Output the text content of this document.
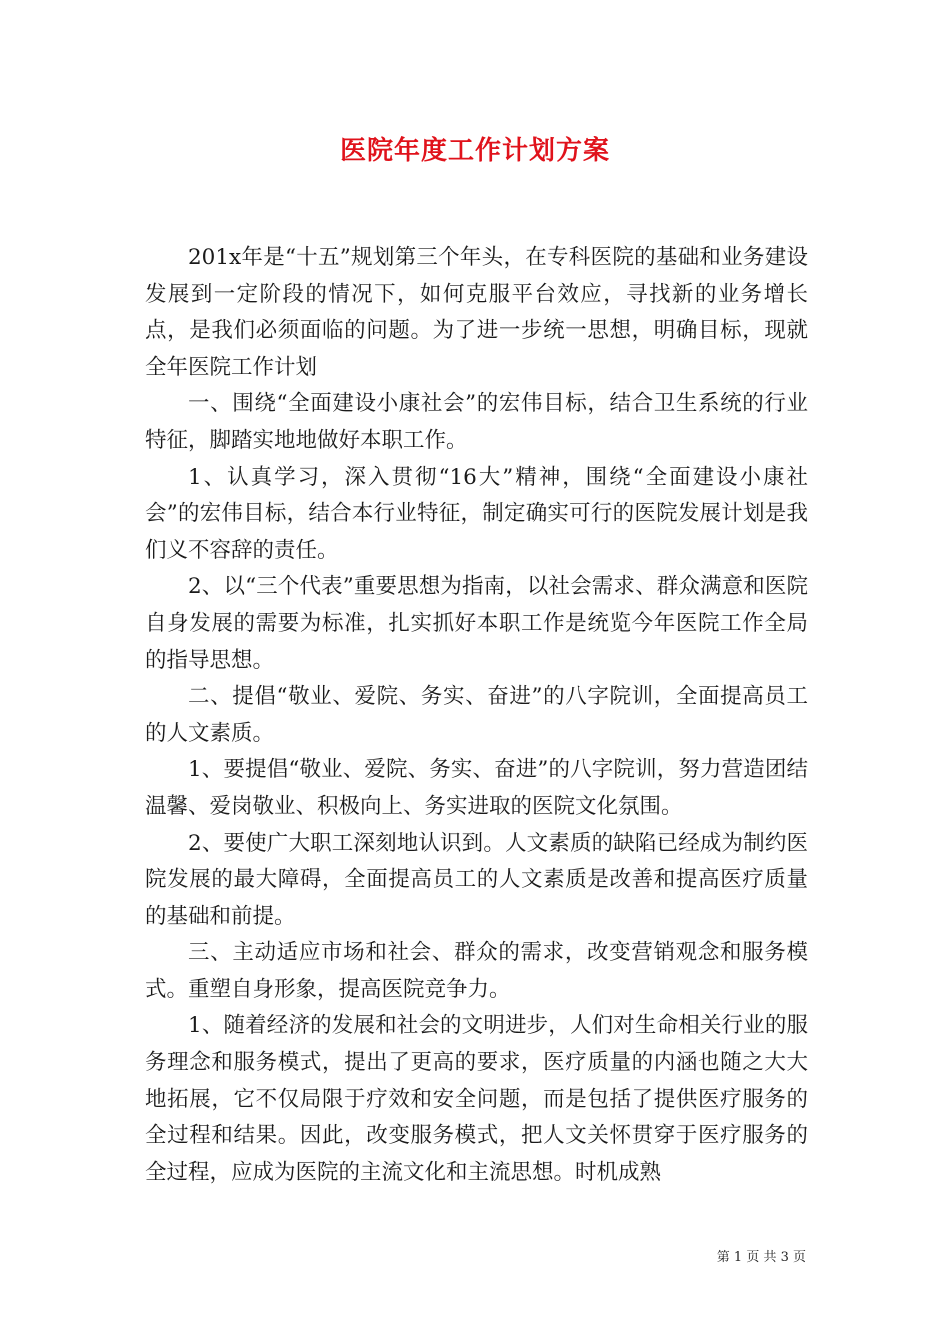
医院年度工作计划方案

201x年是“十五”规划第三个年头，在专科医院的基础和业务建设发展到一定阶段的情况下，如何克服平台效应，寻找新的业务增长点，是我们必须面临的问题。为了进一步统一思想，明确目标，现就全年医院工作计划

一、围绕“全面建设小康社会”的宏伟目标，结合卫生系统的行业特征，脚踏实地地做好本职工作。

1、认真学习，深入贯彻“16大”精神，围绕“全面建设小康社会”的宏伟目标，结合本行业特征，制定确实可行的医院发展计划是我们义不容辞的责任。

2、以“三个代表”重要思想为指南，以社会需求、群众满意和医院自身发展的需要为标准，扎实抓好本职工作是统览今年医院工作全局的指导思想。

二、提倡“敬业、爱院、务实、奋进”的八字院训，全面提高员工的人文素质。

1、要提倡“敬业、爱院、务实、奋进”的八字院训，努力营造团结温馨、爱岗敬业、积极向上、务实进取的医院文化氛围。

2、要使广大职工深刻地认识到。人文素质的缺陷已经成为制约医院发展的最大障碍，全面提高员工的人文素质是改善和提高医疗质量的基础和前提。

三、主动适应市场和社会、群众的需求，改变营销观念和服务模式。重塑自身形象，提高医院竞争力。

1、随着经济的发展和社会的文明进步，人们对生命相关行业的服务理念和服务模式，提出了更高的要求，医疗质量的内涵也随之大大地拓展，它不仅局限于疗效和安全问题，而是包括了提供医疗服务的全过程和结果。因此，改变服务模式，把人文关怀贯穿于医疗服务的全过程，应成为医院的主流文化和主流思想。时机成熟

第 1 页 共 3 页
